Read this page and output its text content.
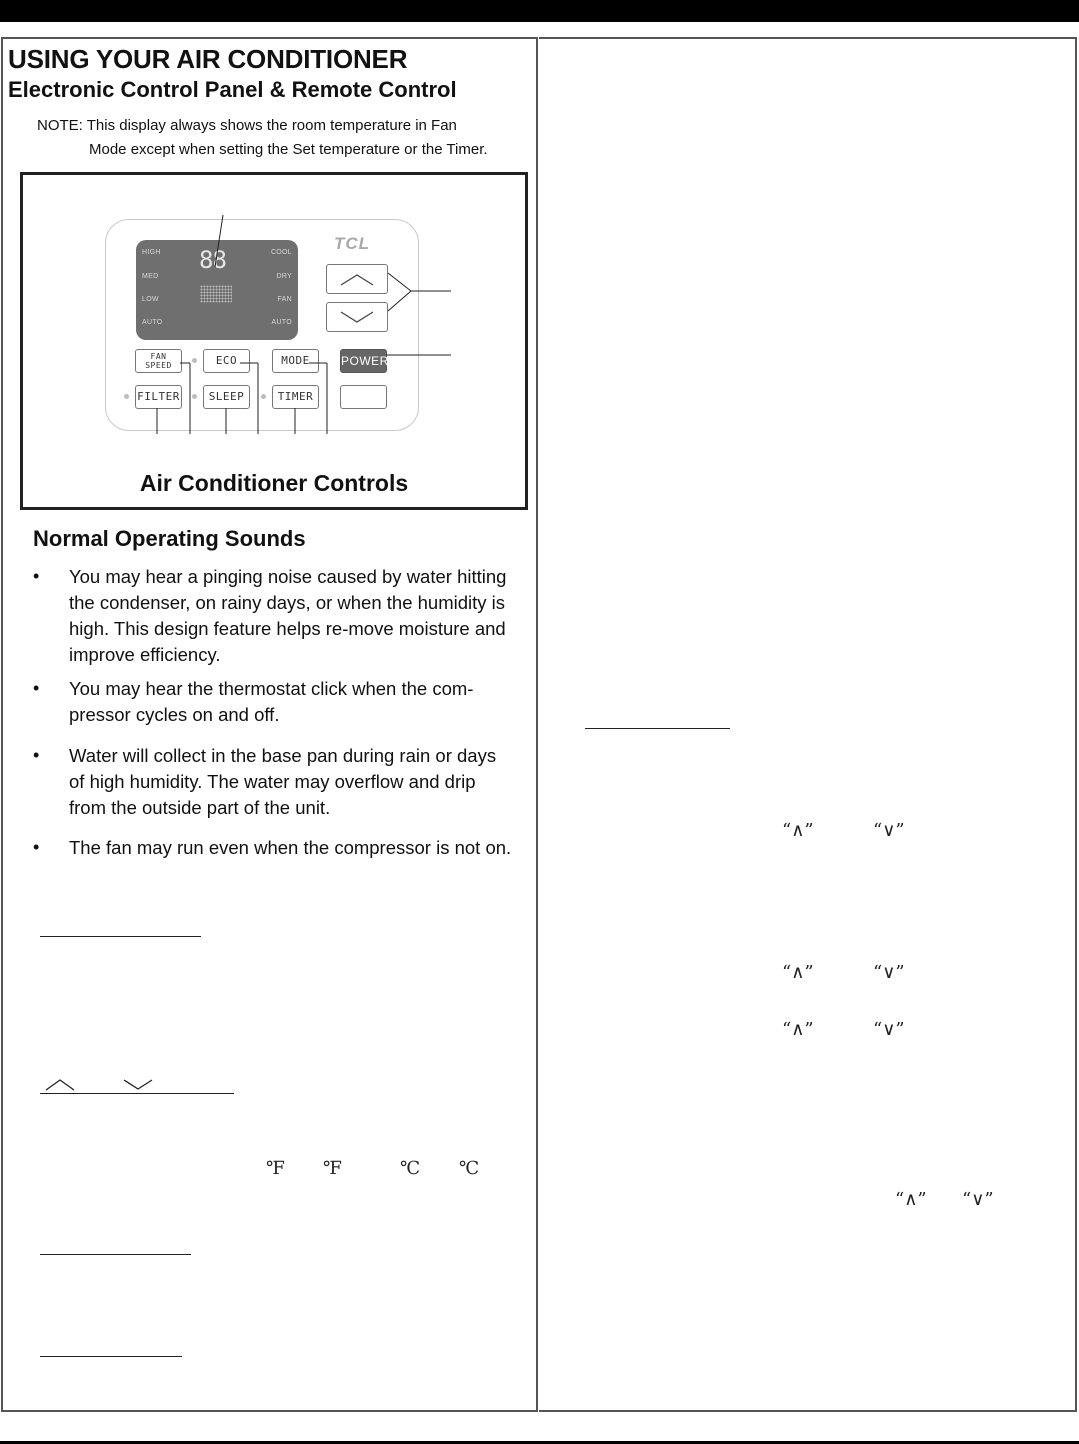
USING YOUR AIR CONDITIONER
Electronic Control Panel & Remote Control
NOTE: This display always shows the room temperature in Fan
Mode except when setting the Set temperature or the Timer.
HIGH
MED
LOW
AUTO
COOL
DRY
FAN
AUTO
88
TCL
FAN
SPEED	ECO	MODE	POWER
FILTER	SLEEP	TIMER
Air Conditioner Controls
Normal Operating Sounds
• You may hear a pinging noise caused by water hitting the condenser, on rainy days, or when the humidity is high. This design feature helps re-move moisture and improve efficiency.
• You may hear the thermostat click when the com-pressor cycles on and off.
• Water will collect in the base pan during rain or days of high humidity. The water may overflow and drip from the outside part of the unit.
• The fan may run even when the compressor is not on.
℉ ℉	℃ ℃
“∧”	“∨”
“∧”	“∨”
“∧”	“∨”
“∧” “∨”
